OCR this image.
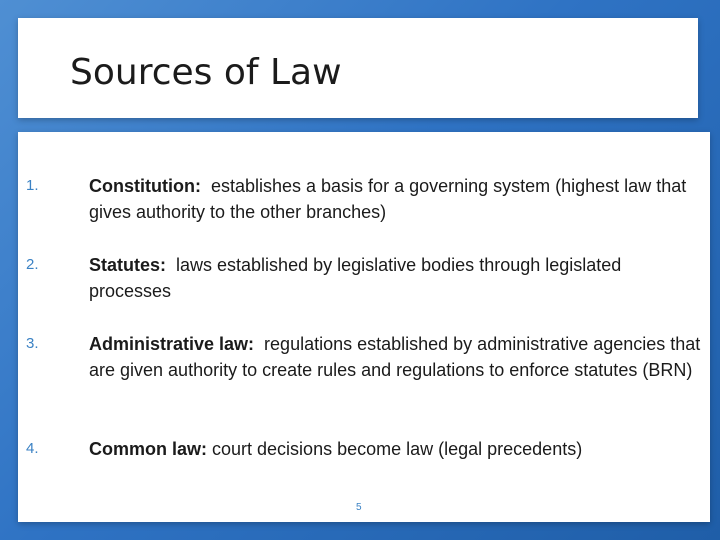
Sources of Law
1.	Constitution:  establishes a basis for a governing system (highest law that gives authority to the other branches)
2.	Statutes:  laws established by legislative bodies through legislated processes
3.	Administrative law:  regulations established by administrative agencies that are given authority to create rules and regulations to enforce statutes (BRN)
4.	Common law: court decisions become law (legal precedents)
5
